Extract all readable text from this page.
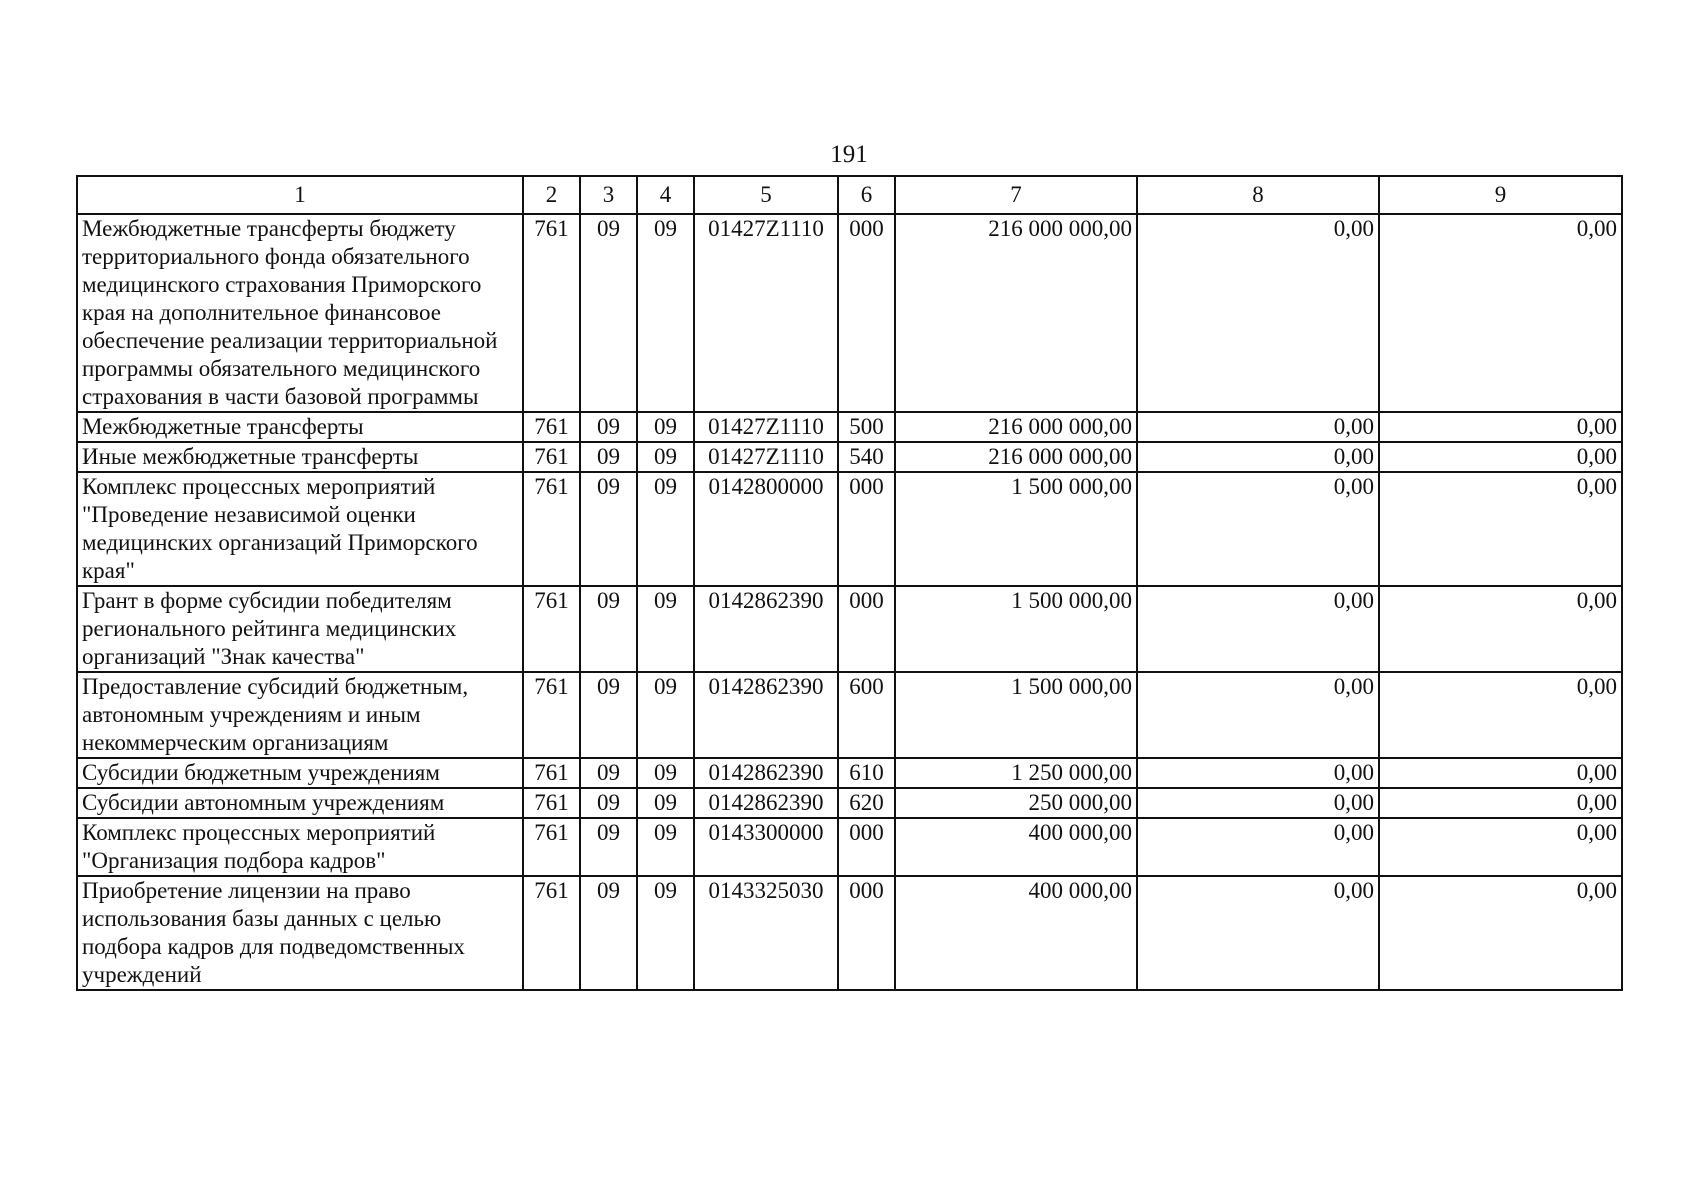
191
1	2	3	4	5	6	7	8	9
Межбюджетные трансферты бюджету территориального фонда обязательного медицинского страхования Приморского края на дополнительное финансовое обеспечение реализации территориальной программы обязательного медицинского страхования в части базовой программы	761	09	09	01427Z1110	000	216 000 000,00	0,00	0,00
Межбюджетные трансферты	761	09	09	01427Z1110	500	216 000 000,00	0,00	0,00
Иные межбюджетные трансферты	761	09	09	01427Z1110	540	216 000 000,00	0,00	0,00
Комплекс процессных мероприятий "Проведение независимой оценки медицинских организаций Приморского края"	761	09	09	0142800000	000	1 500 000,00	0,00	0,00
Грант в форме субсидии победителям регионального рейтинга медицинских организаций "Знак качества"	761	09	09	0142862390	000	1 500 000,00	0,00	0,00
Предоставление субсидий бюджетным, автономным учреждениям и иным некоммерческим организациям	761	09	09	0142862390	600	1 500 000,00	0,00	0,00
Субсидии бюджетным учреждениям	761	09	09	0142862390	610	1 250 000,00	0,00	0,00
Субсидии автономным учреждениям	761	09	09	0142862390	620	250 000,00	0,00	0,00
Комплекс процессных мероприятий "Организация подбора кадров"	761	09	09	0143300000	000	400 000,00	0,00	0,00
Приобретение лицензии на право использования базы данных с целью подбора кадров для подведомственных учреждений	761	09	09	0143325030	000	400 000,00	0,00	0,00
